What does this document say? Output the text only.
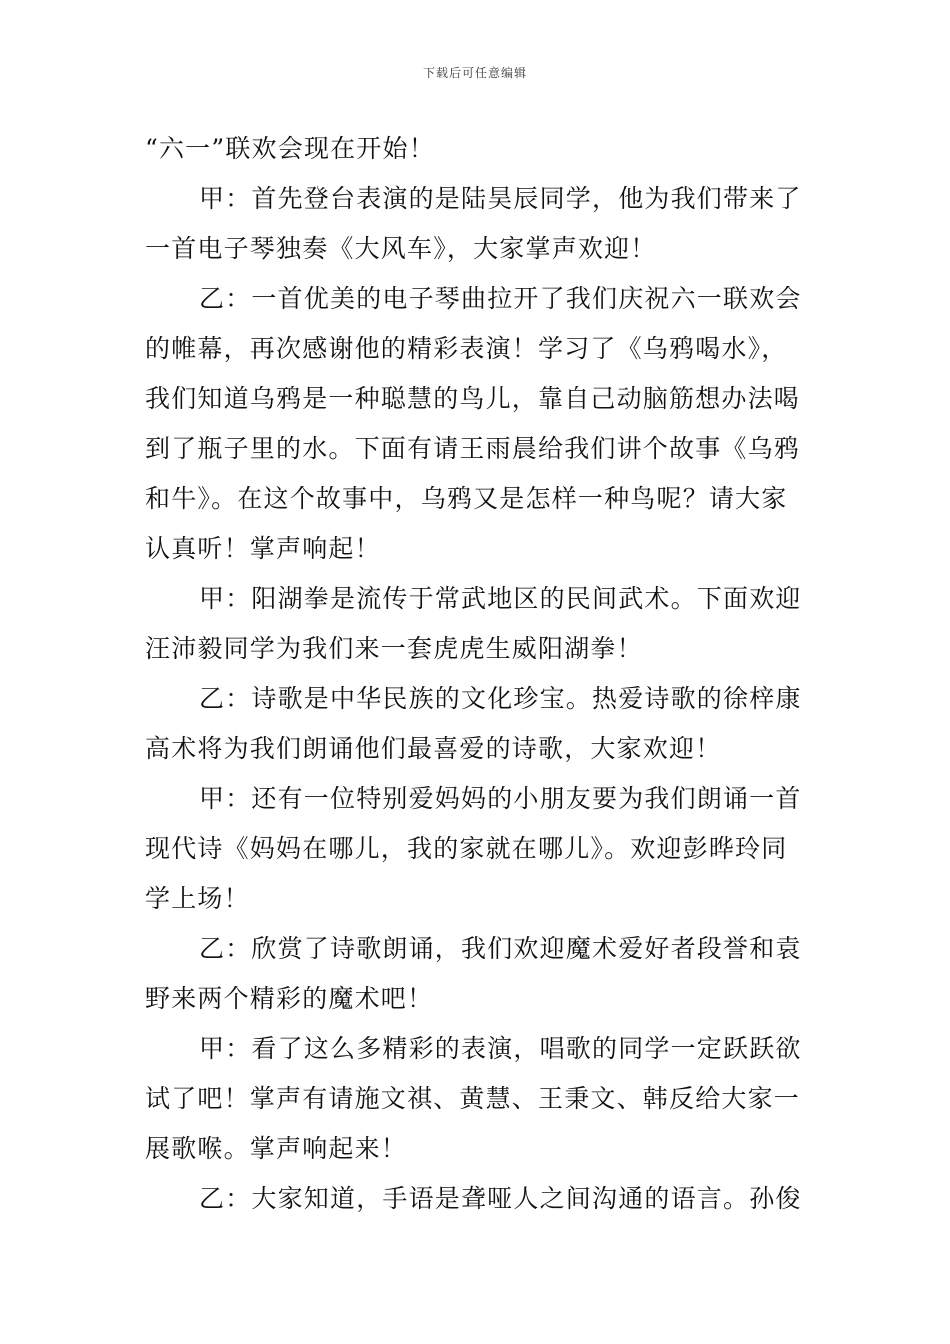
下载后可任意编辑

“六一”联欢会现在开始！

甲：首先登台表演的是陆昊辰同学，他为我们带来了一首电子琴独奏《大风车》，大家掌声欢迎！

乙：一首优美的电子琴曲拉开了我们庆祝六一联欢会的帷幕，再次感谢他的精彩表演！学习了《乌鸦喝水》，我们知道乌鸦是一种聪慧的鸟儿，靠自己动脑筋想办法喝到了瓶子里的水。下面有请王雨晨给我们讲个故事《乌鸦和牛》。在这个故事中，乌鸦又是怎样一种鸟呢？请大家认真听！掌声响起！

甲：阳湖拳是流传于常武地区的民间武术。下面欢迎汪沛毅同学为我们来一套虎虎生威阳湖拳！

乙：诗歌是中华民族的文化珍宝。热爱诗歌的徐梓康高术将为我们朗诵他们最喜爱的诗歌，大家欢迎！

甲：还有一位特别爱妈妈的小朋友要为我们朗诵一首现代诗《妈妈在哪儿，我的家就在哪儿》。欢迎彭晔玲同学上场！

乙：欣赏了诗歌朗诵，我们欢迎魔术爱好者段誉和袁野来两个精彩的魔术吧！

甲：看了这么多精彩的表演，唱歌的同学一定跃跃欲试了吧！掌声有请施文祺、黄慧、王秉文、韩反给大家一展歌喉。掌声响起来！

乙：大家知道，手语是聋哑人之间沟通的语言。孙俊
